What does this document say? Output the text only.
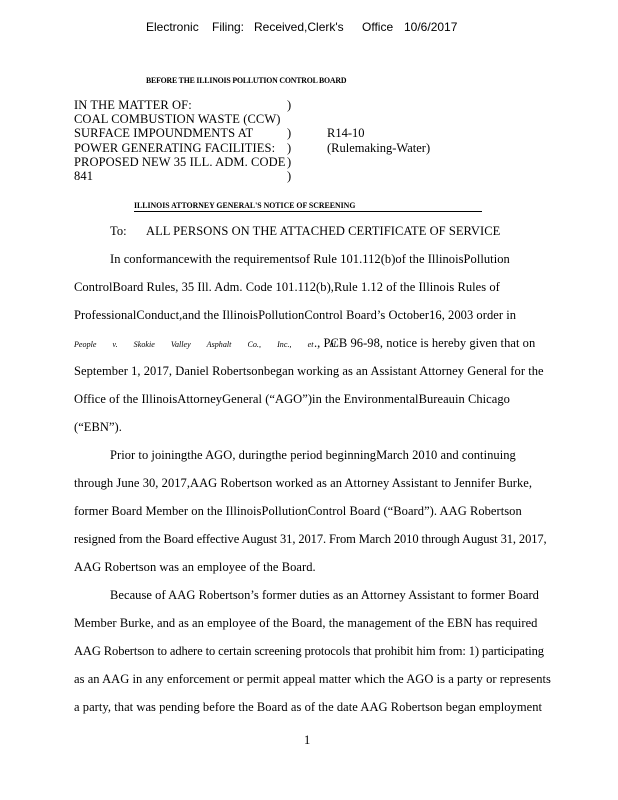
Electronic Filing: Received,Clerk's Office 10/6/2017
BEFORE THE ILLINOIS POLLUTION CONTROL BOARD
IN THE MATTER OF:
COAL COMBUSTION WASTE (CCW)
SURFACE IMPOUNDMENTS AT
POWER GENERATING FACILITIES:
PROPOSED NEW 35 ILL. ADM. CODE
841
)
)
)
)
)
R14-10
(Rulemaking-Water)
ILLINOIS ATTORNEY GENERAL'S NOTICE OF SCREENING
To: ALL PERSONS ON THE ATTACHED CERTIFICATE OF SERVICE
In conformancewith the requirementsof Rule 101.112(b)of the IllinoisPollution
ControlBoard Rules, 35 Ill. Adm. Code 101.112(b),Rule 1.12 of the Illinois Rules of
ProfessionalConduct,and the IllinoisPollutionControl Board’s October16, 2003 order in
People v. Skokie Valley Asphalt Co., Inc., et al
., PCB 96-98, notice is hereby given that on
September 1, 2017, Daniel Robertsonbegan working as an Assistant Attorney General for the
Office of the IllinoisAttorneyGeneral (“AGO”)in the EnvironmentalBureauin Chicago
(“EBN”).
Prior to joiningthe AGO, duringthe period beginningMarch 2010 and continuing
through June 30, 2017,AAG Robertson worked as an Attorney Assistant to Jennifer Burke,
former Board Member on the IllinoisPollutionControl Board (“Board”). AAG Robertson
resigned from the Board effective August 31, 2017. From March 2010 through August 31, 2017,
AAG Robertson was an employee of the Board.
Because of AAG Robertson’s former duties as an Attorney Assistant to former Board
Member Burke, and as an employee of the Board, the management of the EBN has required
AAG Robertson to adhere to certain screening protocols that prohibit him from: 1) participating
as an AAG in any enforcement or permit appeal matter which the AGO is a party or represents
a party, that was pending before the Board as of the date AAG Robertson began employment
1
